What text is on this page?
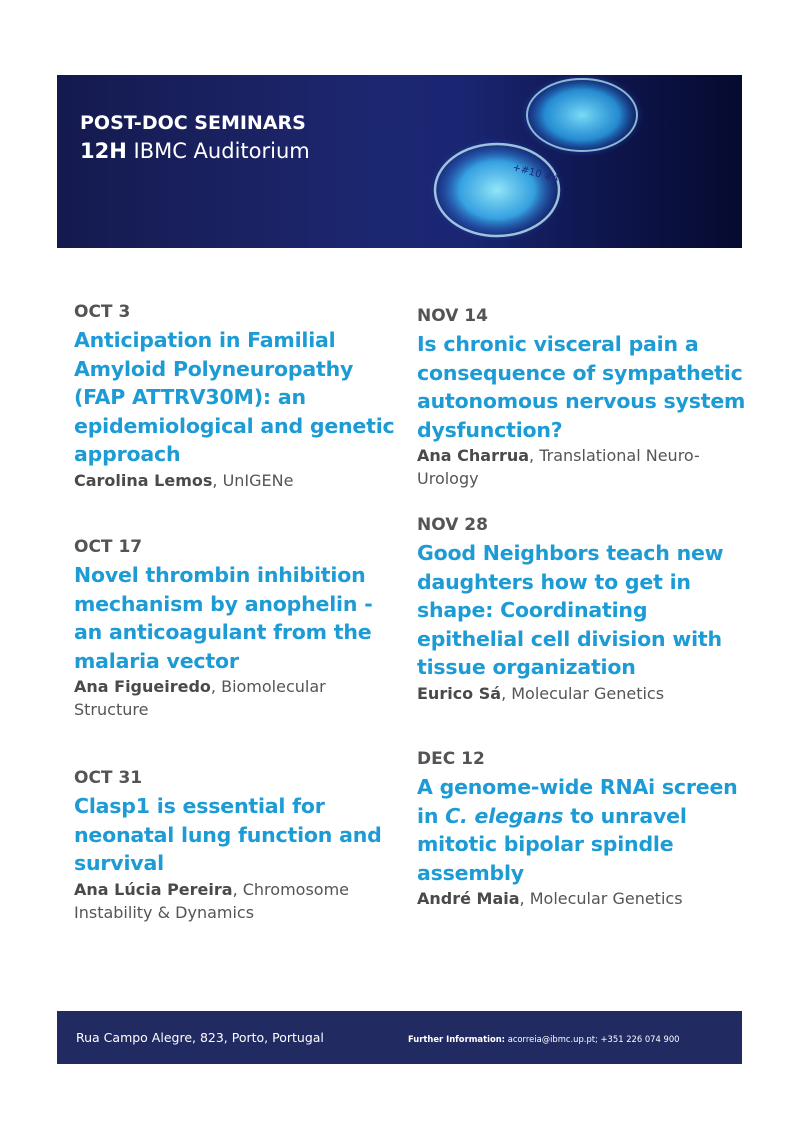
+#10 #4
POST-DOC SEMINARS
12H IBMC Auditorium
OCT 3
Anticipation in Familial Amyloid Polyneuropathy (FAP ATTRV30M): an epidemiological and genetic approach
Carolina Lemos, UnIGENe
OCT 17
Novel thrombin inhibition mechanism by anophelin - an anticoagulant from the malaria vector
Ana Figueiredo, Biomolecular Structure
OCT 31
Clasp1 is essential for neonatal lung function and survival
Ana Lúcia Pereira, Chromosome Instability & Dynamics
NOV 14
Is chronic visceral pain a consequence of sympathetic autonomous nervous system dysfunction?
Ana Charrua, Translational Neuro-Urology
NOV 28
Good Neighbors teach new daughters how to get in shape: Coordinating epithelial cell division with tissue organization
Eurico Sá, Molecular Genetics
DEC 12
A genome-wide RNAi screen in C. elegans to unravel mitotic bipolar spindle assembly
André Maia, Molecular Genetics
Rua Campo Alegre, 823, Porto, Portugal	Further Information: acorreia@ibmc.up.pt; +351 226 074 900
